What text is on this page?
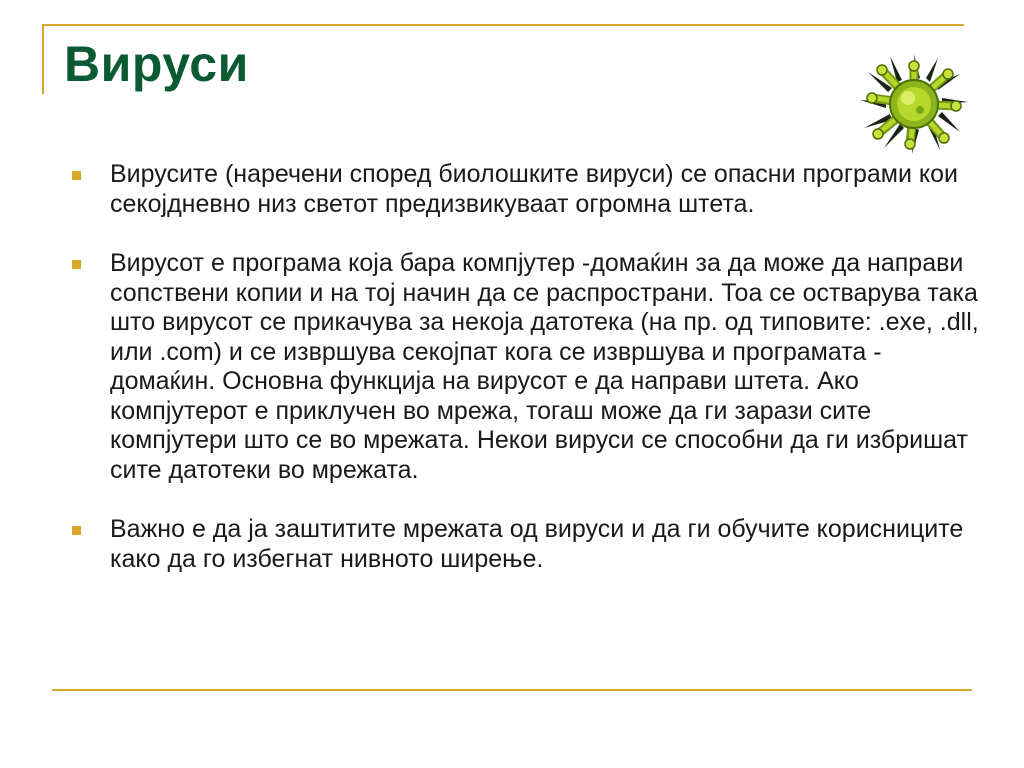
Вируси
Вирусите (наречени според биолошките вируси) се опасни програми кои секојдневно низ светот предизвикуваат огромна штета.
Вирусот е програма која бара компјутер -домаќин за да може да направи сопствени копии и на тој начин да се распространи. Тоа се остварува така што вирусот се прикачувa за некоја датотека (на пр. од типовите: .exe, .dll, или .com) и се извршува секојпат кога се извршува и програмата - домаќин. Основна функција на вирусот е да направи штета. Ако компјутерот е приклучен во мрежа, тогаш може да ги зарази сите компјутери што се во мрежата. Некои вируси се способни да ги избришат сите датотеки во мрежата.
Важно е да ја заштитите мрежата од вируси и да ги обучите корисниците како да го избегнат нивното ширење.
